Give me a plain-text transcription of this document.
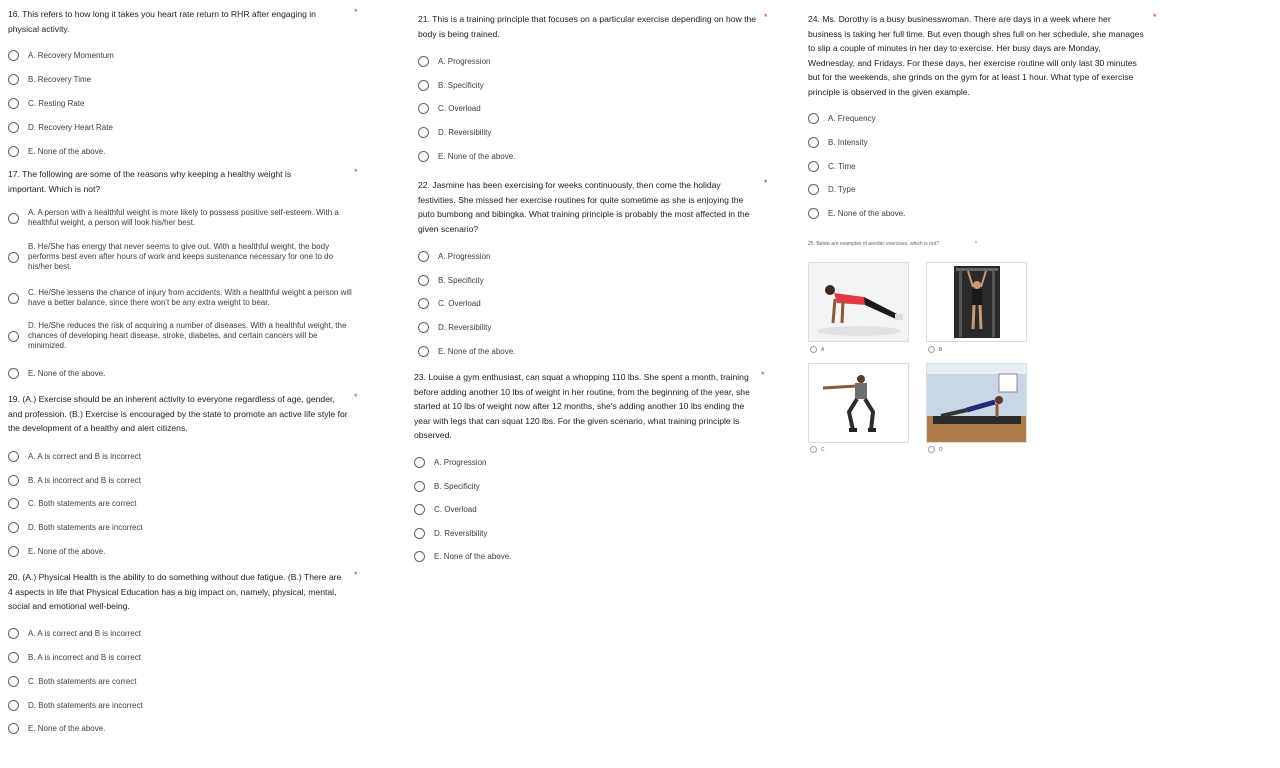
16. This refers to how long it takes you heart rate return to RHR after engaging in physical activity.
*
A. Recovery Momentum
B. Recovery Time
C. Resting Rate
D. Recovery Heart Rate
E. None of the above.
17. The following are some of the reasons why keeping a healthy weight is important. Which is not?
*
A. A person with a healthful weight is more likely to possess positive self-esteem. With a healthful weight, a person will look his/her best.
B. He/She has energy that never seems to give out. With a healthful weight, the body performs best even after hours of work and keeps sustenance necessary for one to do his/her best.
C. He/She lessens the chance of injury from accidents. With a healthful weight a person will have a better balance, since there won't be any extra weight to bear.
D. He/She reduces the risk of acquiring a number of diseases. With a healthful weight, the chances of developing heart disease, stroke, diabetes, and certain cancers will be minimized.
E. None of the above.
19. (A.) Exercise should be an inherent activity to everyone regardless of age, gender, and profession. (B.) Exercise is encouraged by the state to promote an active life style for the development of a healthy and alert citizens.
*
A. A is correct and B is incorrect
B. A is incorrect and B is correct
C. Both statements are correct
D. Both statements are incorrect
E. None of the above.
20. (A.) Physical Health is the ability to do something without due fatigue. (B.) There are 4 aspects in life that Physical Education has a big impact on, namely, physical, mental, social and emotional well-being.
*
A. A is correct and B is incorrect
B. A is incorrect and B is correct
C. Both statements are correct
D. Both statements are incorrect
E. None of the above.
21. This is a training principle that focuses on a particular exercise depending on how the body is being trained.
*
A. Progression
B. Specificity
C. Overload
D. Reversibility
E. None of the above.
22. Jasmine has been exercising for weeks continuously, then come the holiday festivities. She missed her exercise routines for quite sometime as she is enjoying the puto bumbong and bibingka. What training principle is probably the most affected in the given scenario?
*
A. Progression
B. Specificity
C. Overload
D. Reversibility
E. None of the above.
23. Louise a gym enthusiast, can squat a whopping 110 lbs. She spent a month, training before adding another 10 lbs of weight in her routine, from the beginning of the year, she started at 10 lbs of weight now after 12 months, she's adding another 10 lbs ending the year with legs that can squat 120 lbs. For the given scenario, what training principle is observed.
*
A. Progression
B. Specificity
C. Overload
D. Reversibility
E. None of the above.
24. Ms. Dorothy is a busy businesswoman. There are days in a week where her business is taking her full time. But even though shes full on her schedule, she manages to slip a couple of minutes in her day to exercise. Her busy days are Monday, Wednesday, and Fridays. For these days, her exercise routine will only last 30 minutes but for the weekends, she grinds on the gym for at least 1 hour. What type of exercise principle is observed in the given example.
*
A. Frequency
B. Intensity
C. Time
D. Type
E. None of the above.
25. Below are examples of aerobic exercises. which is not?	*
A	B
C	D
